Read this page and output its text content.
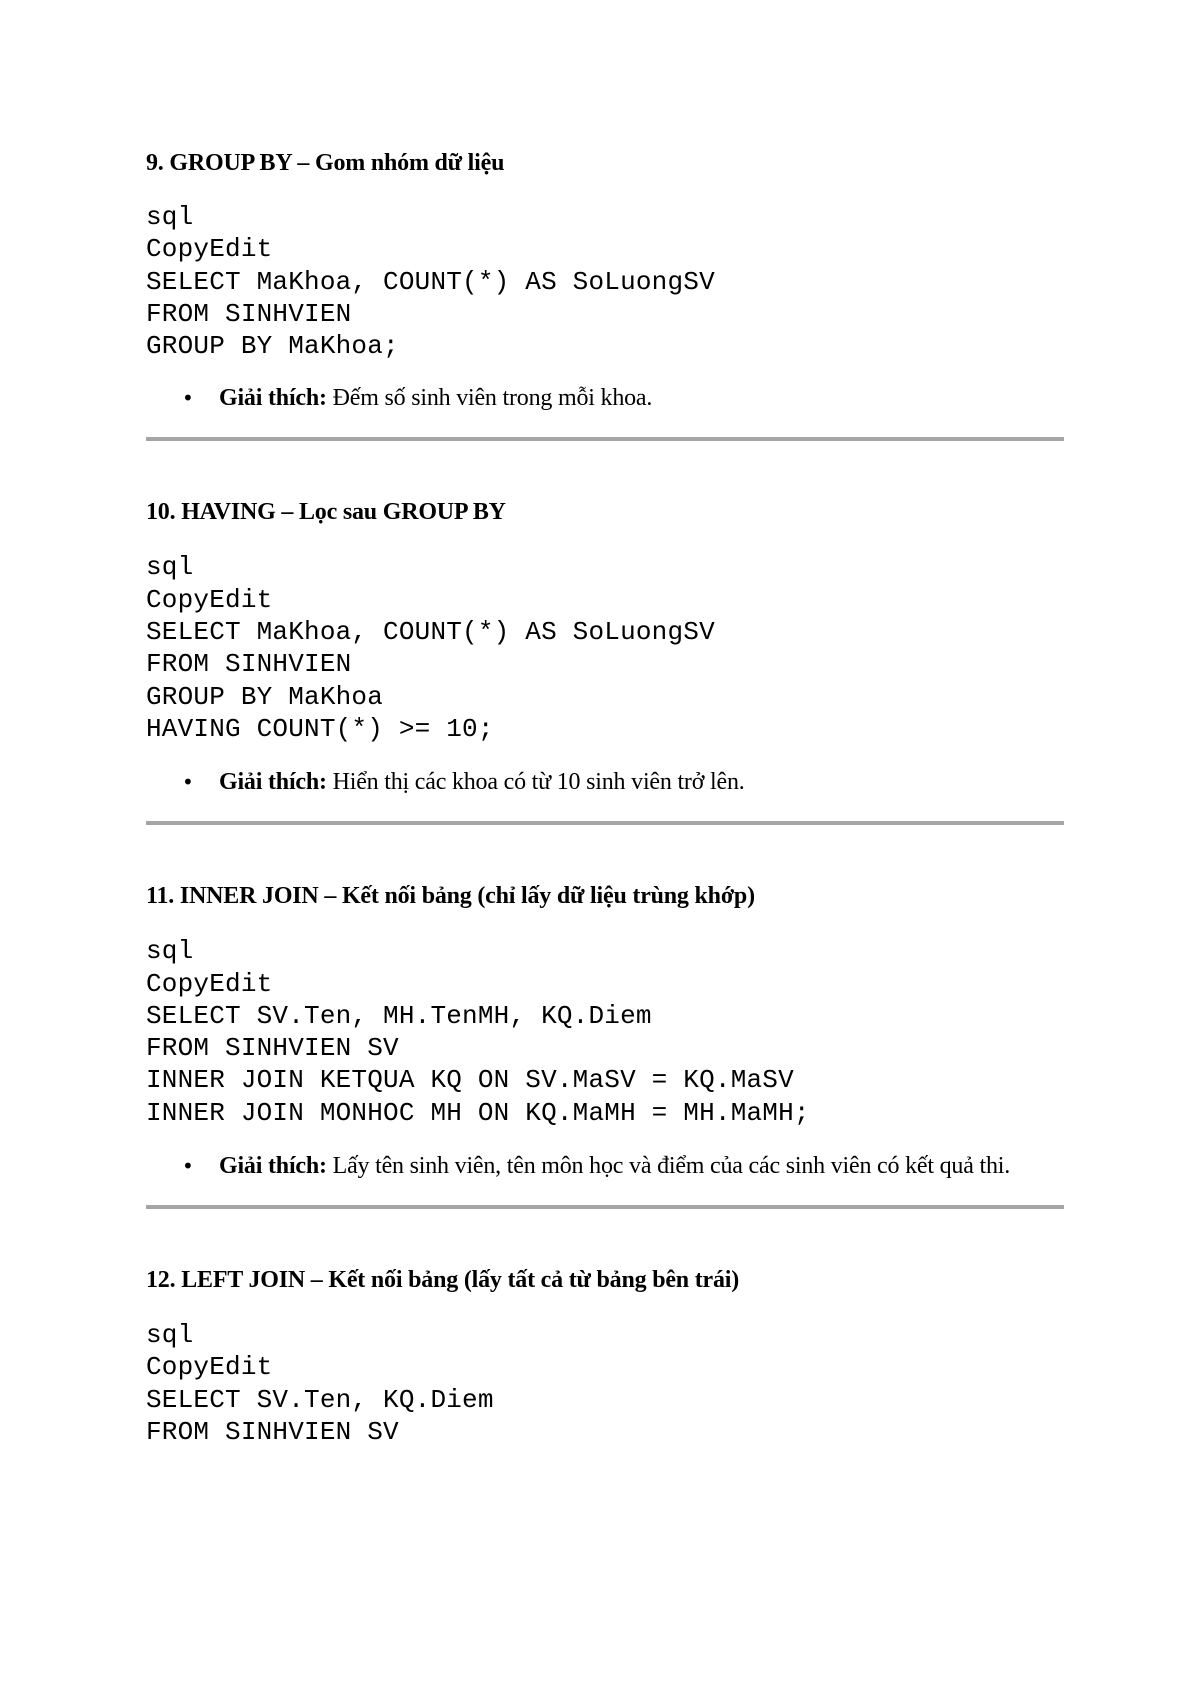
9. GROUP BY – Gom nhóm dữ liệu
sql
CopyEdit
SELECT MaKhoa, COUNT(*) AS SoLuongSV
FROM SINHVIEN
GROUP BY MaKhoa;

• Giải thích: Đếm số sinh viên trong mỗi khoa.

10. HAVING – Lọc sau GROUP BY
sql
CopyEdit
SELECT MaKhoa, COUNT(*) AS SoLuongSV
FROM SINHVIEN
GROUP BY MaKhoa
HAVING COUNT(*) >= 10;

• Giải thích: Hiển thị các khoa có từ 10 sinh viên trở lên.

11. INNER JOIN – Kết nối bảng (chỉ lấy dữ liệu trùng khớp)
sql
CopyEdit
SELECT SV.Ten, MH.TenMH, KQ.Diem
FROM SINHVIEN SV
INNER JOIN KETQUA KQ ON SV.MaSV = KQ.MaSV
INNER JOIN MONHOC MH ON KQ.MaMH = MH.MaMH;

• Giải thích: Lấy tên sinh viên, tên môn học và điểm của các sinh viên có kết quả thi.

12. LEFT JOIN – Kết nối bảng (lấy tất cả từ bảng bên trái)
sql
CopyEdit
SELECT SV.Ten, KQ.Diem
FROM SINHVIEN SV
